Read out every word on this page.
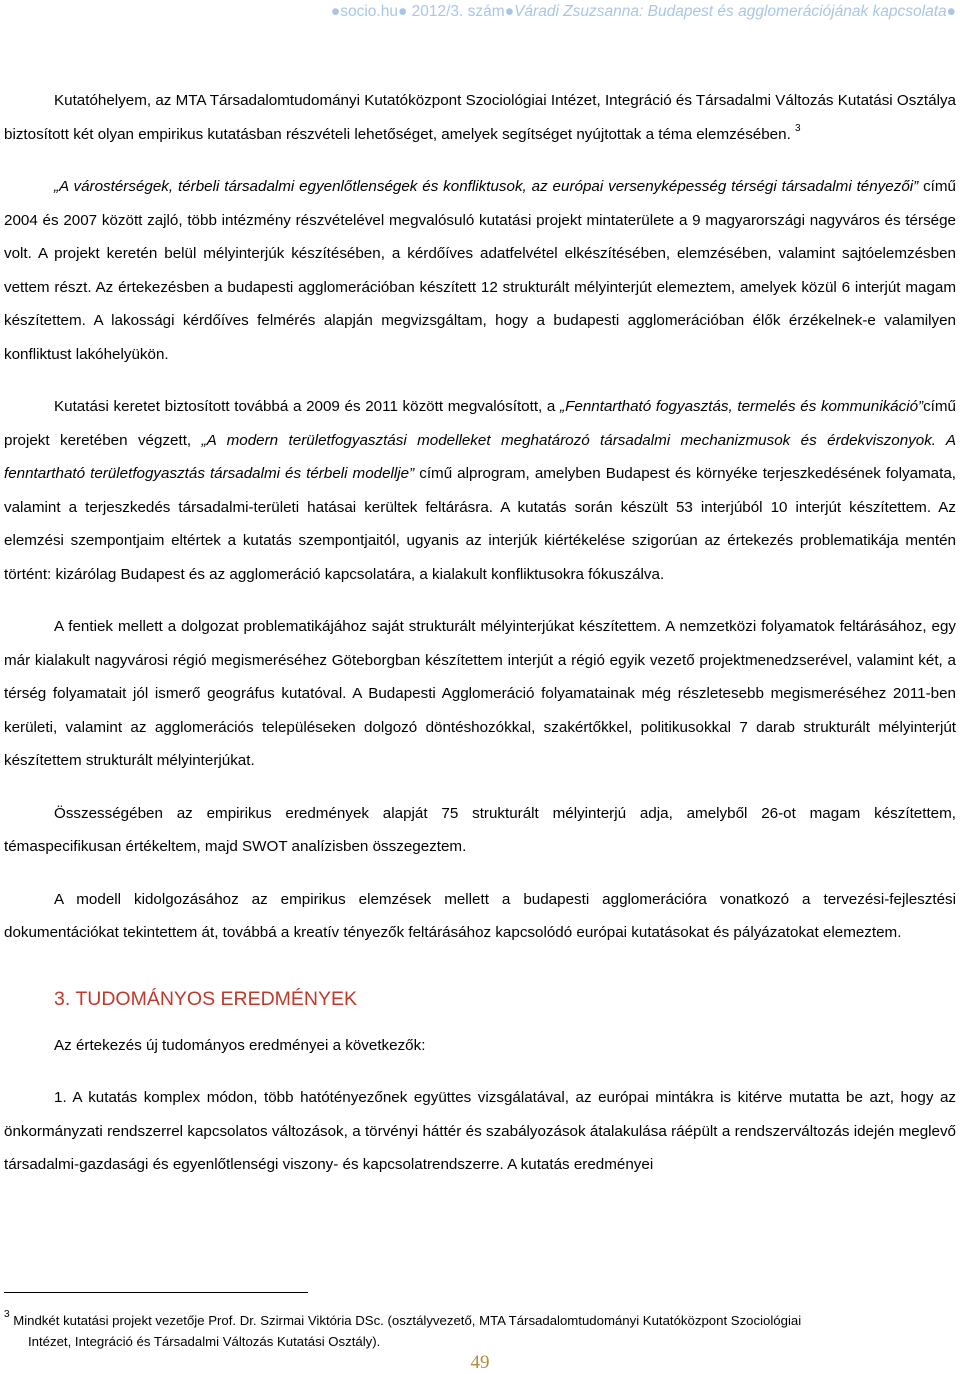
●socio.hu● 2012/3. szám●Váradi Zsuzsanna: Budapest és agglomerációjának kapcsolata●

Kutatóhelyem, az MTA Társadalomtudományi Kutatóközpont Szociológiai Intézet, Integráció és Társadalmi Változás Kutatási Osztálya biztosított két olyan empirikus kutatásban részvételi lehetőséget, amelyek segítséget nyújtottak a téma elemzésében. $^3$

„A várostérségek, térbeli társadalmi egyenlőtlenségek és konfliktusok, az európai versenyképesség térségi társadalmi tényezői” című 2004 és 2007 között zajló, több intézmény részvételével megvalósuló kutatási projekt mintaterülete a 9 magyarországi nagyváros és térsége volt. A projekt keretén belül mélyinterjúk készítésében, a kérdőíves adatfelvétel elkészítésében, elemzésében, valamint sajtóelemzésben vettem részt. Az értekezésben a budapesti agglomerációban készített 12 strukturált mélyinterjút elemeztem, amelyek közül 6 interjút magam készítettem. A lakossági kérdőíves felmérés alapján megvizsgáltam, hogy a budapesti agglomerációban élők érzékelnek-e valamilyen konfliktust lakóhelyükön.

Kutatási keretet biztosított továbbá a 2009 és 2011 között megvalósított, a „Fenntartható fogyasztás, termelés és kommunikáció”című projekt keretében végzett, „A modern területfogyasztási modelleket meghatározó társadalmi mechanizmusok és érdekviszonyok. A fenntartható területfogyasztás társadalmi és térbeli modellje” című alprogram, amelyben Budapest és környéke terjeszkedésének folyamata, valamint a terjeszkedés társadalmi-területi hatásai kerültek feltárásra. A kutatás során készült 53 interjúból 10 interjút készítettem. Az elemzési szempontjaim eltértek a kutatás szempontjaitól, ugyanis az interjúk kiértékelése szigorúan az értekezés problematikája mentén történt: kizárólag Budapest és az agglomeráció kapcsolatára, a kialakult konfliktusokra fókuszálva.

A fentiek mellett a dolgozat problematikájához saját strukturált mélyinterjúkat készítettem. A nemzetközi folyamatok feltárásához, egy már kialakult nagyvárosi régió megismeréséhez Göteborgban készítettem interjút a régió egyik vezető projektmenedzserével, valamint két, a térség folyamatait jól ismerő geográfus kutatóval. A Budapesti Agglomeráció folyamatainak még részletesebb megismeréséhez 2011-ben kerületi, valamint az agglomerációs településeken dolgozó döntéshozókkal, szakértőkkel, politikusokkal 7 darab strukturált mélyinterjút készítettem strukturált mélyinterjúkat.

Összességében az empirikus eredmények alapját 75 strukturált mélyinterjú adja, amelyből 26-ot magam készítettem, témaspecifikusan értékeltem, majd SWOT analízisben összegeztem.

A modell kidolgozásához az empirikus elemzések mellett a budapesti agglomerációra vonatkozó a tervezési-fejlesztési dokumentációkat tekintettem át, továbbá a kreatív tényezők feltárásához kapcsolódó európai kutatásokat és pályázatokat elemeztem.

3. TUDOMÁNYOS EREDMÉNYEK

Az értekezés új tudományos eredményei a következők:

1. A kutatás komplex módon, több hatótényezőnek együttes vizsgálatával, az európai mintákra is kitérve mutatta be azt, hogy az önkormányzati rendszerrel kapcsolatos változások, a törvényi háttér és szabályozások átalakulása ráépült a rendszerváltozás idején meglevő társadalmi-gazdasági és egyenlőtlenségi viszony- és kapcsolatrendszerre. A kutatás eredményei

$^3$ Mindkét kutatási projekt vezetője Prof. Dr. Szirmai Viktória DSc. (osztályvezető, MTA Társadalomtudományi Kutatóközpont Szociológiai
Intézet, Integráció és Társadalmi Változás Kutatási Osztály).
49
